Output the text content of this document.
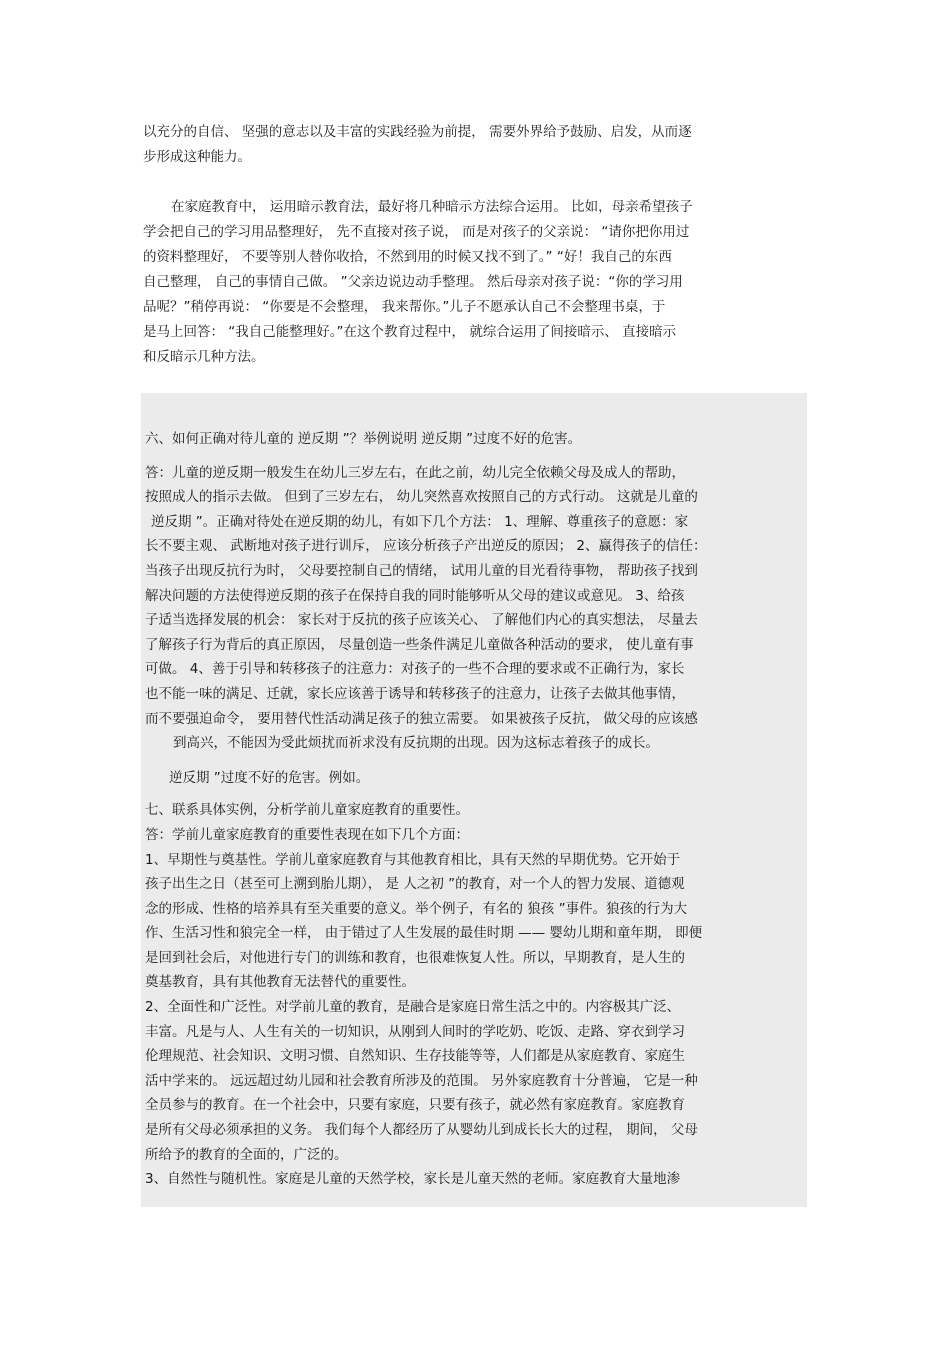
以充分的自信、 坚强的意志以及丰富的实践经验为前提， 需要外界给予鼓励、启发，从而逐

步形成这种能力。

在家庭教育中， 运用暗示教育法，最好将几种暗示方法综合运用。 比如，母亲希望孩子

学会把自己的学习用品整理好， 先不直接对孩子说， 而是对孩子的父亲说： “请你把你用过

的资料整理好， 不要等别人替你收拾，不然到用的时候又找不到了。” “好！我自己的东西

自己整理， 自己的事情自己做。 ”父亲边说边动手整理。 然后母亲对孩子说：“你的学习用

品呢？”稍停再说： “你要是不会整理， 我来帮你。”儿子不愿承认自己不会整理书桌，于

是马上回答： “我自己能整理好。”在这个教育过程中， 就综合运用了间接暗示、 直接暗示

和反暗示几种方法。

六、如何正确对待儿童的 逆反期 ”？举例说明 逆反期 ”过度不好的危害。

答：儿童的逆反期一般发生在幼儿三岁左右，在此之前，幼儿完全依赖父母及成人的帮助，

按照成人的指示去做。 但到了三岁左右， 幼儿突然喜欢按照自己的方式行动。 这就是儿童的

逆反期 ”。正确对待处在逆反期的幼儿，有如下几个方法： 1、理解、尊重孩子的意愿：家

长不要主观、 武断地对孩子进行训斥， 应该分析孩子产出逆反的原因； 2、赢得孩子的信任：

当孩子出现反抗行为时， 父母要控制自己的情绪， 试用儿童的目光看待事物， 帮助孩子找到

解决问题的方法使得逆反期的孩子在保持自我的同时能够听从父母的建议或意见。 3、给孩

子适当选择发展的机会： 家长对于反抗的孩子应该关心、 了解他们内心的真实想法， 尽量去

了解孩子行为背后的真正原因， 尽量创造一些条件满足儿童做各种活动的要求， 使儿童有事

可做。 4、善于引导和转移孩子的注意力：对孩子的一些不合理的要求或不正确行为，家长

也不能一味的满足、迁就，家长应该善于诱导和转移孩子的注意力，让孩子去做其他事情，

而不要强迫命令， 要用替代性活动满足孩子的独立需要。 如果被孩子反抗， 做父母的应该感

到高兴，不能因为受此烦扰而祈求没有反抗期的出现。因为这标志着孩子的成长。

逆反期 ”过度不好的危害。例如。

七、联系具体实例，分析学前儿童家庭教育的重要性。

答：学前儿童家庭教育的重要性表现在如下几个方面：

1、早期性与奠基性。学前儿童家庭教育与其他教育相比，具有天然的早期优势。它开始于

孩子出生之日（甚至可上溯到胎儿期）， 是 人之初 ”的教育，对一个人的智力发展、道德观

念的形成、性格的培养具有至关重要的意义。举个例子，有名的 狼孩 ”事件。狼孩的行为大

作、生活习性和狼完全一样， 由于错过了人生发展的最佳时期 —— 婴幼儿期和童年期， 即便

是回到社会后，对他进行专门的训练和教育，也很难恢复人性。所以，早期教育，是人生的

奠基教育，具有其他教育无法替代的重要性。

2、全面性和广泛性。对学前儿童的教育，是融合是家庭日常生活之中的。内容极其广泛、

丰富。凡是与人、人生有关的一切知识，从刚到人间时的学吃奶、吃饭、走路、穿衣到学习

伦理规范、社会知识、文明习惯、自然知识、生存技能等等，人们都是从家庭教育、家庭生

活中学来的。 远远超过幼儿园和社会教育所涉及的范围。 另外家庭教育十分普遍， 它是一种

全员参与的教育。在一个社会中，只要有家庭，只要有孩子，就必然有家庭教育。家庭教育

是所有父母必须承担的义务。 我们每个人都经历了从婴幼儿到成长长大的过程， 期间， 父母

所给予的教育的全面的，广泛的。

3、自然性与随机性。家庭是儿童的天然学校，家长是儿童天然的老师。家庭教育大量地渗
